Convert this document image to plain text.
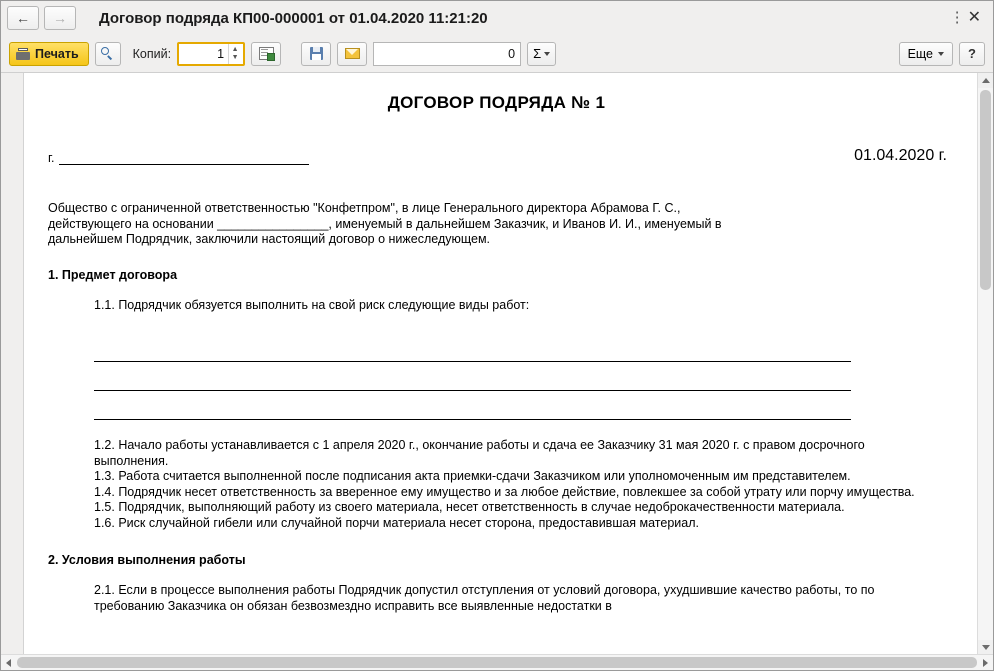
← → Договор подряда КП00-000001 от 01.04.2020 11:21:20	⋮ ✕
Печать	Копий:	1	▲
▼	0	Σ	Еще	?
ДОГОВОР ПОДРЯДА № 1
г.	01.04.2020 г.
Общество с ограниченной ответственностью "Конфетпром", в лице Генерального директора Абрамова Г. С.,
действующего на основании ________________, именуемый в дальнейшем Заказчик, и Иванов И. И., именуемый в
дальнейшем Подрядчик, заключили настоящий договор о нижеследующем.
1. Предмет договора
1.1. Подрядчик обязуется выполнить на свой риск следующие виды работ:
1.2. Начало работы устанавливается с 1 апреля 2020 г., окончание работы и сдача ее Заказчику 31 мая 2020 г. с правом досрочного выполнения.
1.3. Работа считается выполненной после подписания акта приемки-сдачи Заказчиком или уполномоченным им представителем.
1.4. Подрядчик несет ответственность за вверенное ему имущество и за любое действие, повлекшее за собой утрату или порчу имущества.
1.5. Подрядчик, выполняющий работу из своего материала, несет ответственность в случае недоброкачественности материала.
1.6. Риск случайной гибели или случайной порчи материала несет сторона, предоставившая материал.
2. Условия выполнения работы
2.1. Если в процессе выполнения работы Подрядчик допустил отступления от условий договора, ухудшившие качество работы, то по требованию Заказчика он обязан безвозмездно исправить все выявленные недостатки в
